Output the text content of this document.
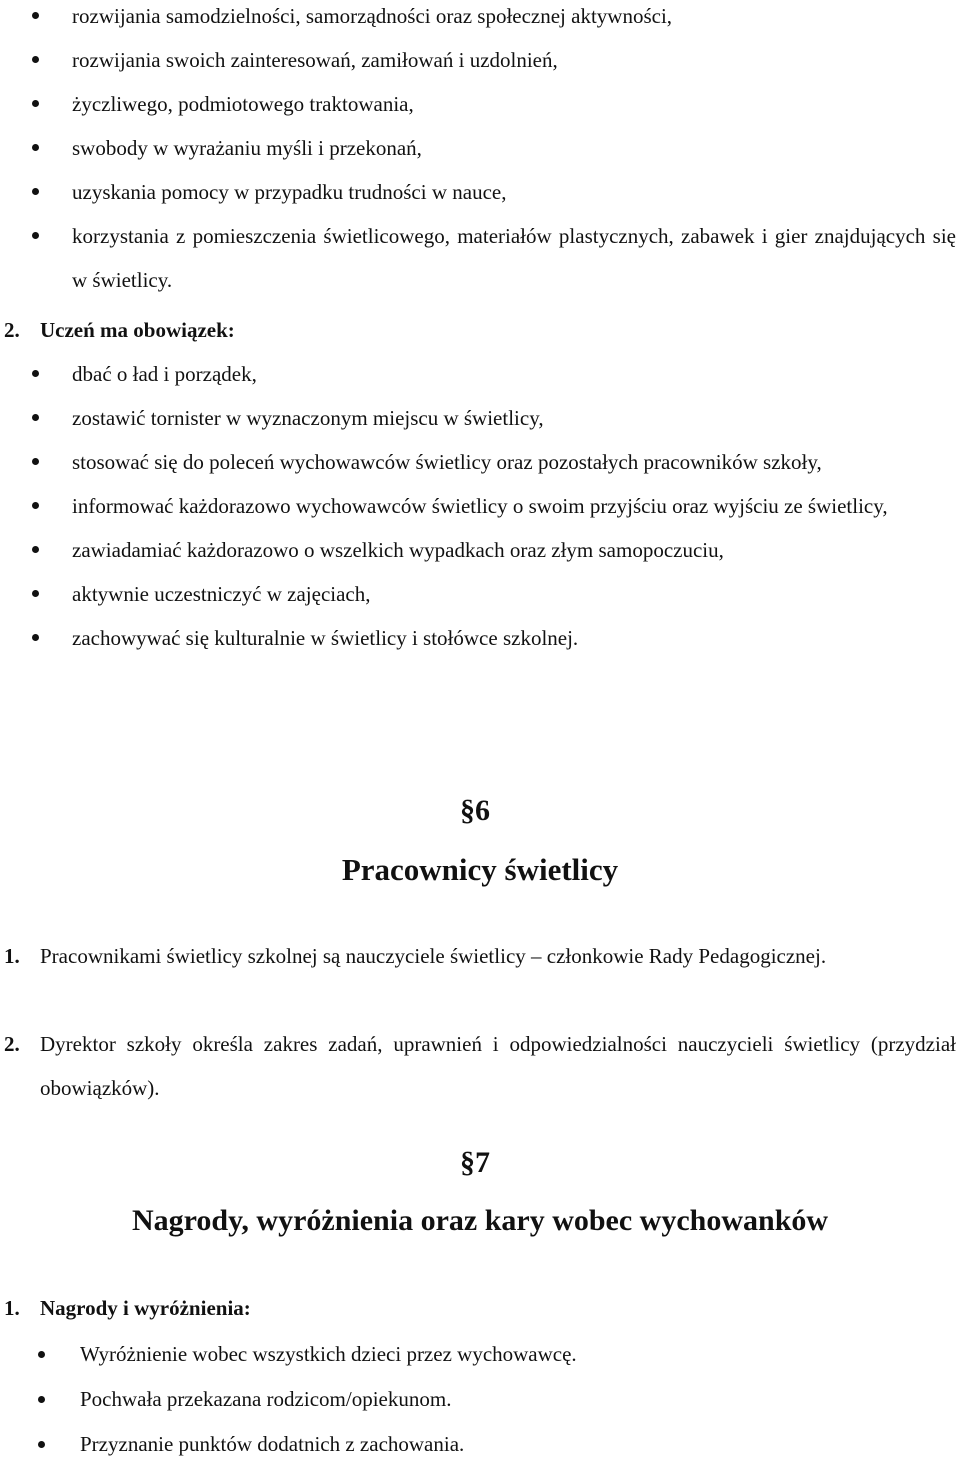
rozwijania samodzielności, samorządności oraz społecznej aktywności,
rozwijania swoich zainteresowań, zamiłowań i uzdolnień,
życzliwego, podmiotowego traktowania,
swobody w wyrażaniu myśli i przekonań,
uzyskania pomocy w przypadku trudności w nauce,
korzystania z pomieszczenia świetlicowego, materiałów plastycznych, zabawek i gier znajdujących się w świetlicy.
2. Uczeń ma obowiązek:
dbać o ład i porządek,
zostawić tornister w wyznaczonym miejscu w świetlicy,
stosować się do poleceń wychowawców świetlicy oraz pozostałych pracowników szkoły,
informować każdorazowo wychowawców świetlicy o swoim przyjściu oraz wyjściu ze świetlicy,
zawiadamiać każdorazowo o wszelkich wypadkach oraz złym samopoczuciu,
aktywnie uczestniczyć w zajęciach,
zachowywać się kulturalnie w świetlicy i stołówce szkolnej.
§6
Pracownicy świetlicy
1. Pracownikami świetlicy szkolnej są nauczyciele świetlicy – członkowie Rady Pedagogicznej.
2. Dyrektor szkoły określa zakres zadań, uprawnień i odpowiedzialności nauczycieli świetlicy (przydział obowiązków).
§7
Nagrody, wyróżnienia oraz kary wobec wychowanków
1. Nagrody i wyróżnienia:
Wyróżnienie wobec wszystkich dzieci przez wychowawcę.
Pochwała przekazana rodzicom/opiekunom.
Przyznanie punktów dodatnich z zachowania.
